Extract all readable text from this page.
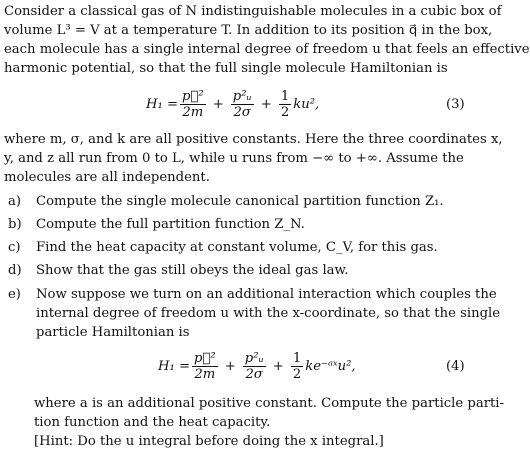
Consider a classical gas of N indistinguishable molecules in a cubic box of
volume L³ = V at a temperature T. In addition to its position q⃗ in the box,
each molecule has a single internal degree of freedom u that feels an effective
harmonic potential, so that the full single molecule Hamiltonian is
$H_1 = \frac{\text{p⃗²}}{2m} + \frac{\text{p²ᵤ}}{2\sigma} + \frac{1}{2} ku^2$,	(3)
where m, σ, and k are all positive constants. Here the three coordinates x,
y, and z all run from 0 to L, while u runs from −∞ to +∞. Assume the
molecules are all independent.
a) Compute the single molecule canonical partition function Z₁.
b) Compute the full partition function Z_N.
c) Find the heat capacity at constant volume, C_V, for this gas.
d) Show that the gas still obeys the ideal gas law.
e) Now suppose we turn on an additional interaction which couples the
internal degree of freedom u with the x-coordinate, so that the single
particle Hamiltonian is
$H_1 = \frac{\text{p⃗²}}{2m} + \frac{\text{p²ᵤ}}{2\sigma} + \frac{1}{2}$ ke⁻ᵃˣu²,	(4)
where a is an additional positive constant. Compute the particle parti-
tion function and the heat capacity.
[Hint: Do the u integral before doing the x integral.]
